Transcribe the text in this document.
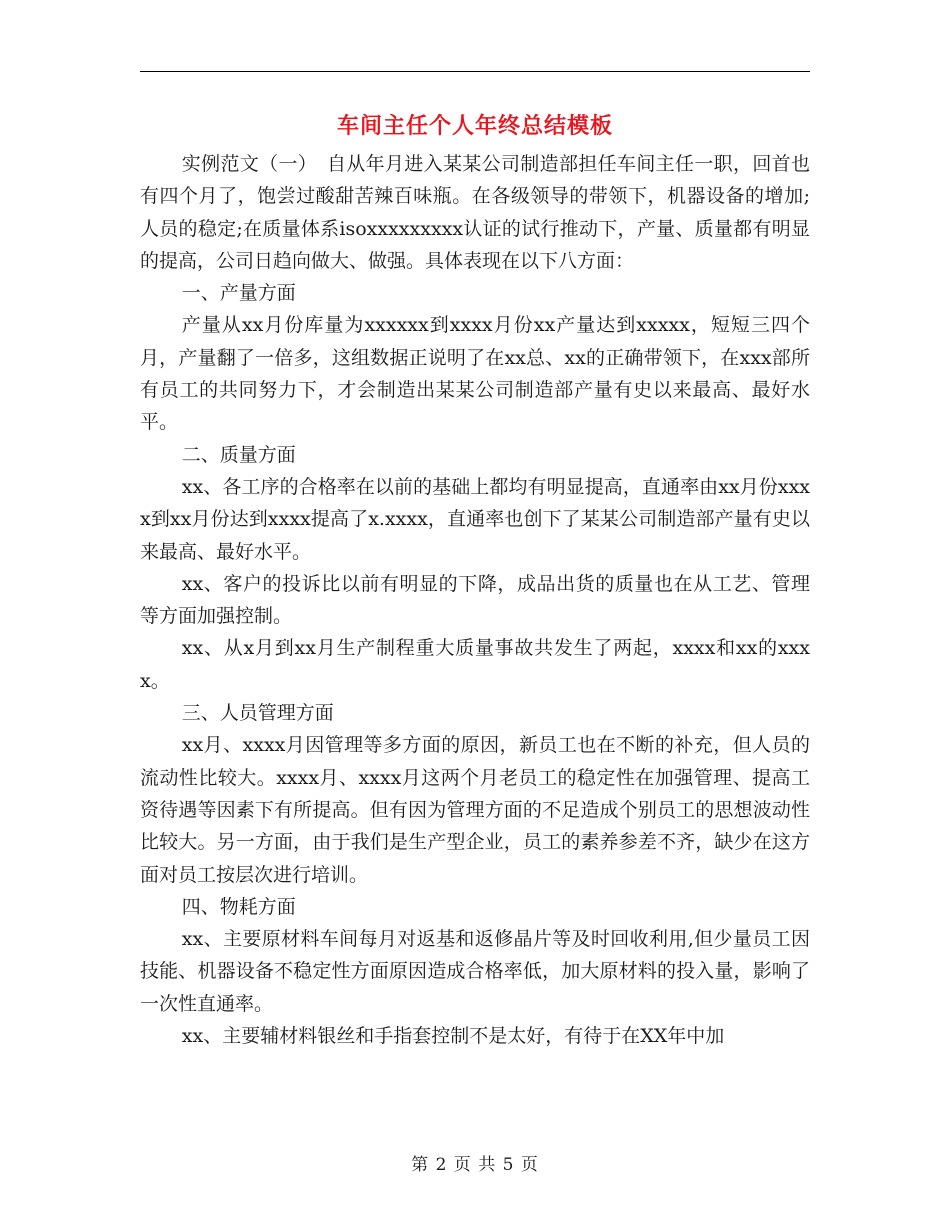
车间主任个人年终总结模板

实例范文（一）　自从年月进入某某公司制造部担任车间主任一职，回首也有四个月了，饱尝过酸甜苦辣百味瓶。在各级领导的带领下，机器设备的增加;人员的稳定;在质量体系isoxxxxxxxxx认证的试行推动下，产量、质量都有明显的提高，公司日趋向做大、做强。具体表现在以下八方面：

一、产量方面

产量从xx月份库量为xxxxxx到xxxx月份xx产量达到xxxxx，短短三四个月，产量翻了一倍多，这组数据正说明了在xx总、xx的正确带领下，在xxx部所有员工的共同努力下，才会制造出某某公司制造部产量有史以来最高、最好水平。

二、质量方面

xx、各工序的合格率在以前的基础上都均有明显提高，直通率由xx月份xxxx到xx月份达到xxxx提高了x.xxxx，直通率也创下了某某公司制造部产量有史以来最高、最好水平。

xx、客户的投诉比以前有明显的下降，成品出货的质量也在从工艺、管理等方面加强控制。

xx、从x月到xx月生产制程重大质量事故共发生了两起，xxxx和xx的xxxx。

三、人员管理方面

xx月、xxxx月因管理等多方面的原因，新员工也在不断的补充，但人员的流动性比较大。xxxx月、xxxx月这两个月老员工的稳定性在加强管理、提高工资待遇等因素下有所提高。但有因为管理方面的不足造成个别员工的思想波动性比较大。另一方面，由于我们是生产型企业，员工的素养参差不齐，缺少在这方面对员工按层次进行培训。

四、物耗方面

xx、主要原材料车间每月对返基和返修晶片等及时回收利用,但少量员工因技能、机器设备不稳定性方面原因造成合格率低，加大原材料的投入量，影响了一次性直通率。

xx、主要辅材料银丝和手指套控制不是太好，有待于在XX年中加

第 2 页 共 5 页
